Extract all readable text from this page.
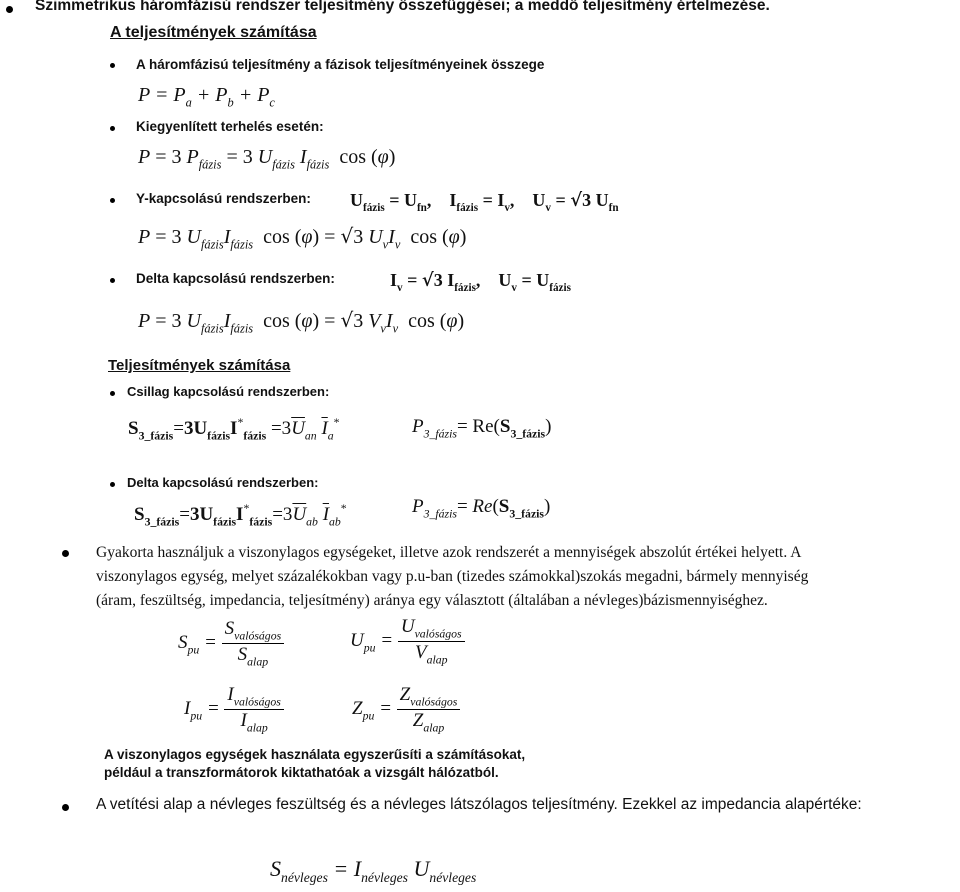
Szimmetrikus háromfázisú rendszer teljesítmény összefüggései; a meddő teljesítmény értelmezése.
A teljesítmények számítása
A háromfázisú teljesítmény a fázisok teljesítményeinek összege
$P = P_a + P_b + P_c$
Kiegyenlített terhelés esetén:
P = 3 $P_{fázis} = 3$ $U_{fázis}$ $I_{fázis}$  cos (φ)
Y-kapcsolású rendszerben: $U_{fázis} = U_{fn}$,    $I_{fázis} = I_v$,    $U_v = √3$ $U_{fn}$
P = 3 $U_{fázis}I_{fázis}$  cos (φ) = √3 $U_vI_v$  cos (φ)
Delta kapcsolású rendszerben:	$I_v = √3$ $I_{fázis}$,    $U_v = U_{fázis}$
P = 3 $U_{fázis}I_{fázis}$  cos (φ) = √3 $V_vI_v$  cos (φ)
Teljesítmények számítása
Csillag kapcsolású rendszerben:
$S_{3\_fázis}=3U_{fázis}I^*_{fázis} =3\overline{U}_{an}$ $\overline{I}_a^*$	$P_{3\_fázis}= Re(S_{3\_fázis})$
Delta kapcsolású rendszerben:
$S_{3\_fázis}=3U_{fázis}I^*_{fázis}=3\overline{U}_{ab}$ $\overline{I}_{ab}^*$	$P_{3\_fázis}= Re(S_{3\_fázis})$
Gyakorta használjuk a viszonylagos egységeket, illetve azok rendszerét a mennyiségek abszolút értékei helyett. A
viszonylagos egység, melyet százalékokban vagy p.u-ban (tizedes számokkal)szokás megadni, bármely mennyiség
(áram, feszültség, impedancia, teljesítmény) aránya egy választott (általában a névleges)bázismennyiséghez.
$S_{pu} = \frac{S_{valóságos}}{S_{alap}}$	$U_{pu} = \frac{U_{valóságos}}{V_{alap}}$
$I_{pu} = \frac{I_{valóságos}}{I_{alap}}$	$Z_{pu} = \frac{Z_{valóságos}}{Z_{alap}}$
A viszonylagos egységek használata egyszerűsíti a számításokat,
például a transzformátorok kiktathatóak a vizsgált hálózatból.
A vetítési alap a névleges feszültség és a névleges látszólagos teljesítmény. Ezekkel az impedancia alapértéke:
$S_{névleges} = I_{névleges}$ $U_{névleges}$
